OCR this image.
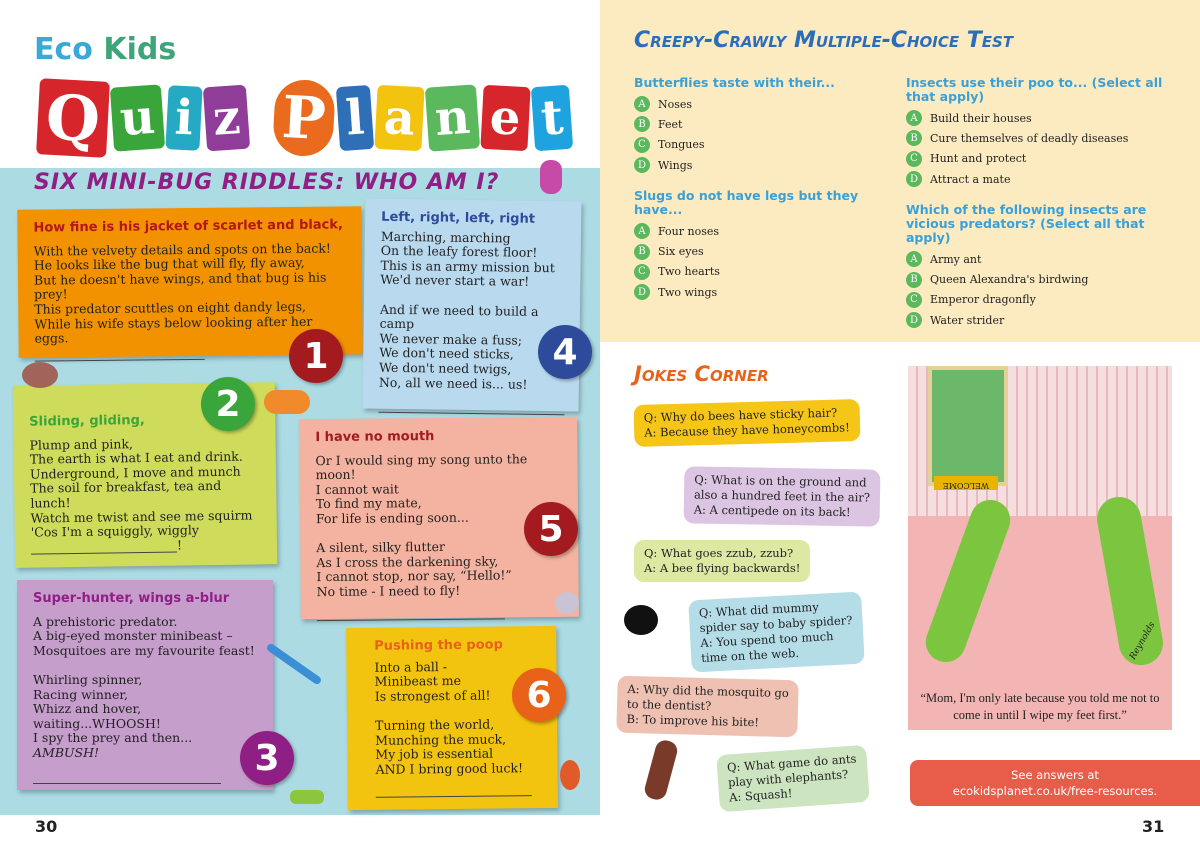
Eco Kids
Q u i z P l a n e t
SIX MINI-BUG RIDDLES: WHO AM I?
How fine is his jacket of scarlet and black,

With the velvety details and spots on the back!
He looks like the bug that will fly, fly away,
But he doesn't have wings, and that bug is his prey!
This predator scuttles on eight dandy legs,
While his wife stays below looking after her eggs.

Left, right, left, right

Marching, marching
On the leafy forest floor!
This is an army mission but
We'd never start a war!

And if we need to build a camp
We never make a fuss;
We don't need sticks,
We don't need twigs,
No, all we need is... us!

Sliding, gliding,

Plump and pink,
The earth is what I eat and drink.
Underground, I move and munch
The soil for breakfast, tea and lunch!
Watch me twist and see me squirm
'Cos I'm a squiggly, wiggly

!
I have no mouth

Or I would sing my song unto the moon!
I cannot wait
To find my mate,
For life is ending soon...

A silent, silky flutter
As I cross the darkening sky,
I cannot stop, nor say, “Hello!”
No time - I need to fly!

Super-hunter, wings a-blur

A prehistoric predator.
A big-eyed monster minibeast –
Mosquitoes are my favourite feast!

Whirling spinner,
Racing winner,
Whizz and hover, waiting...WHOOSH!
I spy the prey and then...

AMBUSH!

Pushing the poop

Into a ball -
Minibeast me
Is strongest of all!

Turning the world,
Munching the muck,
My job is essential
AND I bring good luck!

1
2
4
5
3
6
30
Creepy-Crawly Multiple-Choice Test
Butterflies taste with their...
A	Noses
B	Feet
C	Tongues
D	Wings
Slugs do not have legs but they have...
A	Four noses
B	Six eyes
C	Two hearts
D	Two wings
Insects use their poo to... (Select all that apply)
A	Build their houses
B	Cure themselves of deadly diseases
C	Hunt and protect
D	Attract a mate
Which of the following insects are vicious predators? (Select all that apply)
A	Army ant
B	Queen Alexandra's birdwing
C	Emperor dragonfly
D	Water strider
Jokes Corner
Q: Why do bees have sticky hair?
A: Because they have honeycombs!
Q: What is on the ground and
also a hundred feet in the air?
A: A centipede on its back!
Q: What goes zzub, zzub?
A: A bee flying backwards!
Q: What did mummy
spider say to baby spider?
A: You spend too much
time on the web.
A: Why did the mosquito go
to the dentist?
B: To improve his bite!
Q: What game do ants
play with elephants?
A: Squash!
WELCOME
Reynolds
“Mom, I'm only late because you told me not to come in until I wipe my feet first.”
See answers at
ecokidsplanet.co.uk/free-resources.
31
